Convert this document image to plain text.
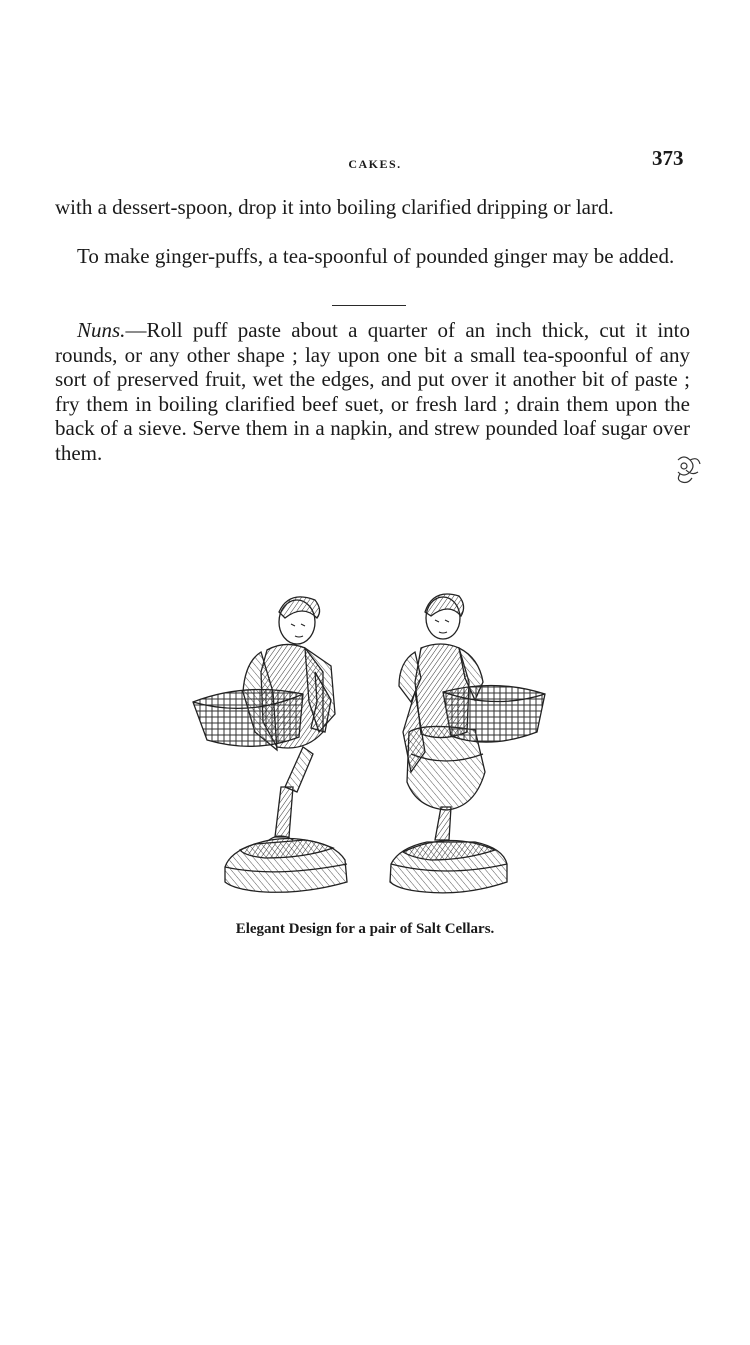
CAKES.	373

with a dessert-spoon, drop it into boiling clarified dripping or lard.

To make ginger-puffs, a tea-spoonful of pounded ginger may be added.

Nuns.—Roll puff paste about a quarter of an inch thick, cut it into rounds, or any other shape ; lay upon one bit a small tea-spoonful of any sort of preserved fruit, wet the edges, and put over it another bit of paste ; fry them in boiling clarified beef suet, or fresh lard ; drain them upon the back of a sieve. Serve them in a napkin, and strew pounded loaf sugar over them.

Elegant Design for a pair of Salt Cellars.
